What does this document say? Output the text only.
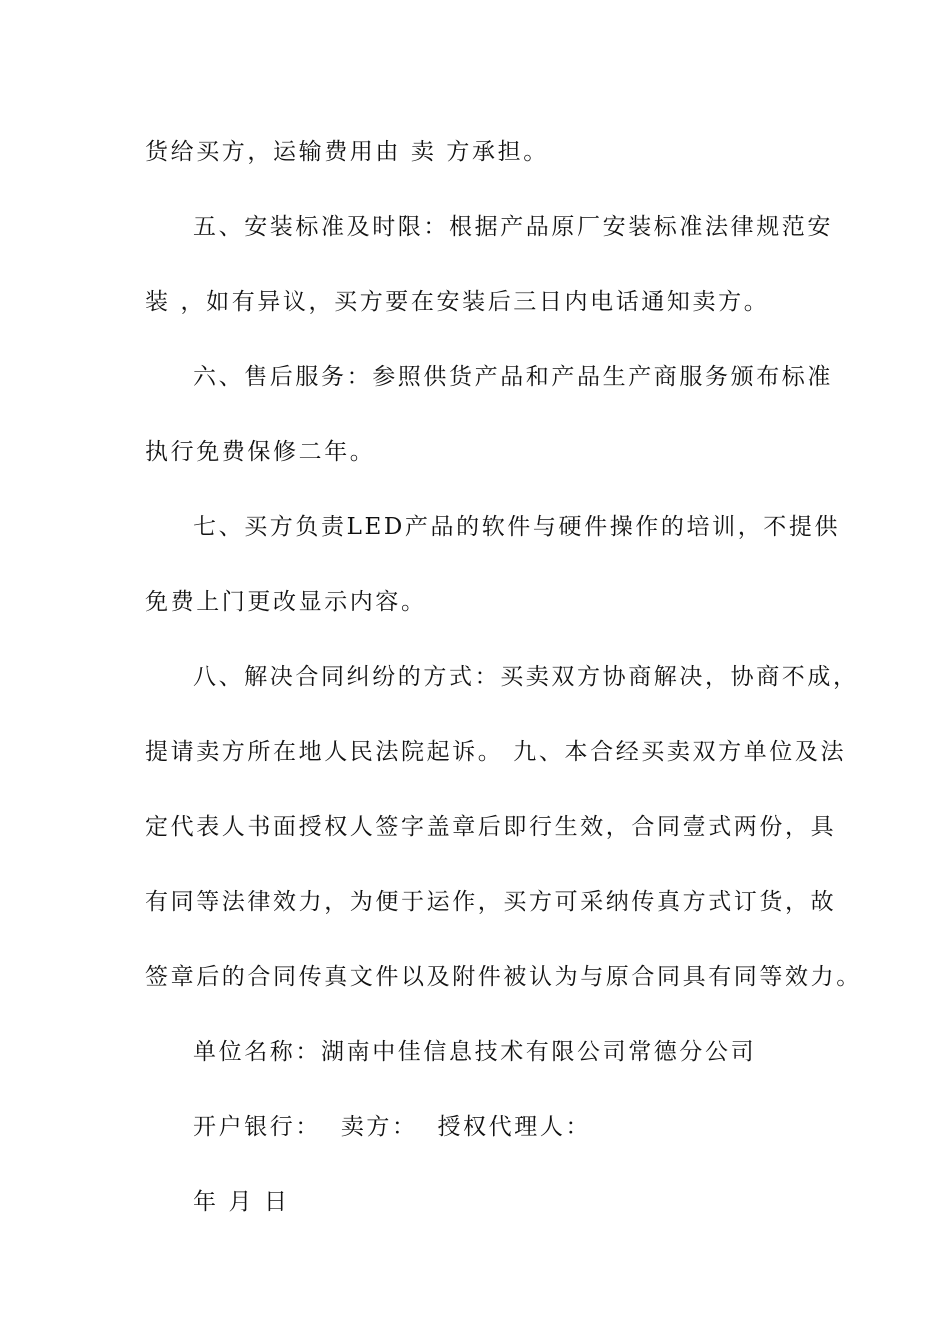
货给买方，运输费用由 卖 方承担。
五、安装标准及时限：根据产品原厂安装标准法律规范安
装 ，如有异议，买方要在安装后三日内电话通知卖方。
六、售后服务：参照供货产品和产品生产商服务颁布标准
执行免费保修二年。
七、买方负责LED产品的软件与硬件操作的培训，不提供
免费上门更改显示内容。
八、解决合同纠纷的方式：买卖双方协商解决，协商不成，
提请卖方所在地人民法院起诉。 九、本合经买卖双方单位及法
定代表人书面授权人签字盖章后即行生效，合同壹式两份，具
有同等法律效力，为便于运作，买方可采纳传真方式订货，故
签章后的合同传真文件以及附件被认为与原合同具有同等效力。
单位名称：湖南中佳信息技术有限公司常德分公司
开户银行：  卖方：  授权代理人：
年 月 日
